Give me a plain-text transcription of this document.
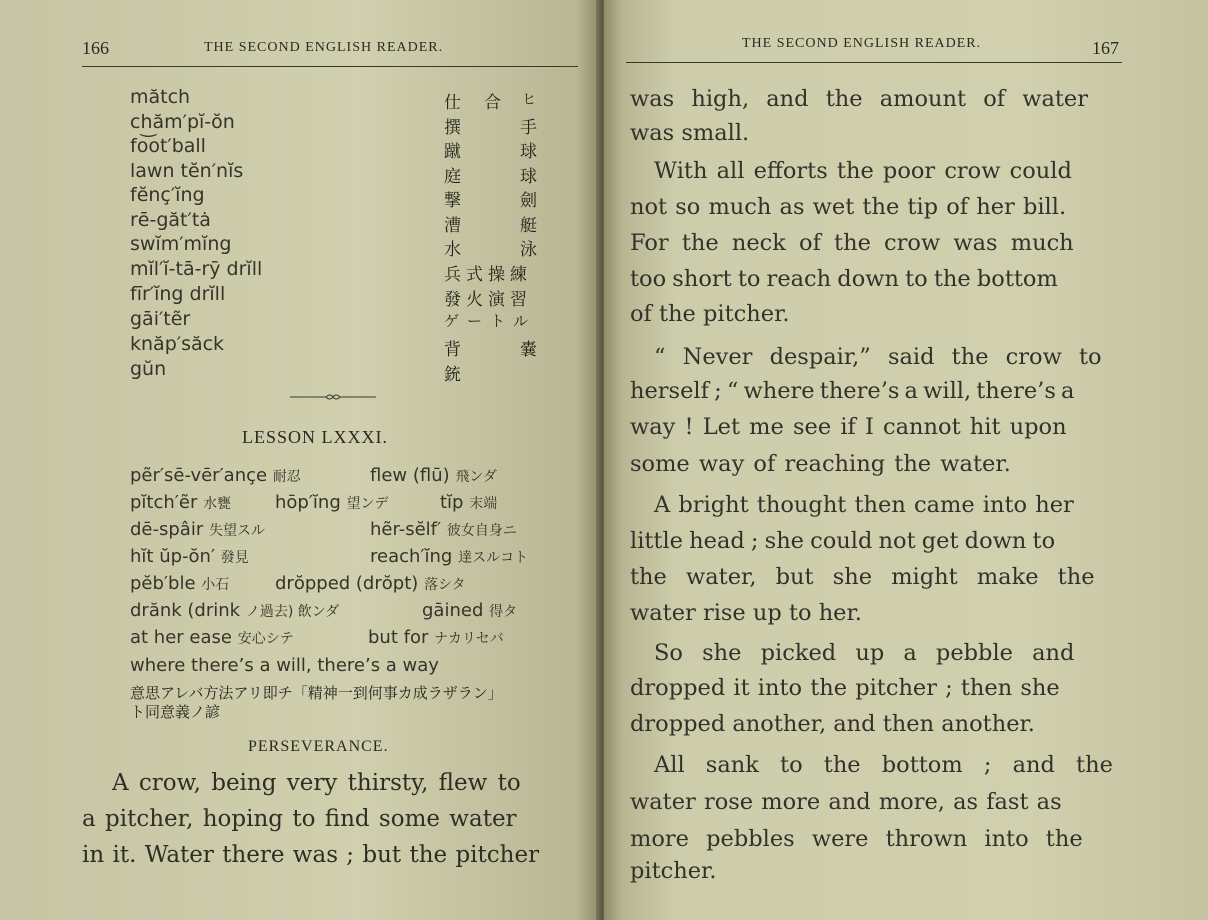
166	THE SECOND ENGLISH READER.
mătch	仕 合 ヒ
chăm′pĭ-ŏn	撰	手
fo͝ot′ball	蹴	球
lawn tĕn′nĭs	庭	球
fĕnç′ĭng	撃	劍
rē-găt′tȧ	漕	艇
swĭm′mĭng	水	泳
mĭl′ĭ-tā-rȳ drĭll	兵式操練
fīr′ĭng drĭll	發火演習
gāi′tẽr	ゲートル
knăp′săck	背	嚢
gŭn	銃
LESSON LXXXI.
pẽr′sē-vēr′ançe 耐忍	flew (flū) 飛ンダ
pĭtch′ẽr 水甕 hōp′ĭng 望ンデ	tĭp 末端
dē-spâir 失望スル	hẽr-sĕlf′ 彼女自身ニ
hĭt ŭp-ŏn′ 發見	reach′ĭng 達スルコト
pĕb′ble 小石	drŏpped (drŏpt) 落シタ
drănk (drink ノ過去) 飲ンダ	gāined 得タ
at her ease 安心シテ	but for ナカリセバ
where there’s a will, there’s a way
意思アレバ方法アリ即チ「精神一到何事カ成ラザラン」
ト同意義ノ諺
PERSEVERANCE.
A crow, being very thirsty, flew to
a pitcher, hoping to find some water
in it. Water there was ; but the pitcher
THE SECOND ENGLISH READER.	167
was high, and the amount of water
was small.
With all efforts the poor crow could
not so much as wet the tip of her bill.
For the neck of the crow was much
too short to reach down to the bottom
of the pitcher.
“ Never despair,” said the crow to
herself ; “ where there’s a will, there’s a
way ! Let me see if I cannot hit upon
some way of reaching the water.
A bright thought then came into her
little head ; she could not get down to
the water, but she might make the
water rise up to her.
So she picked up a pebble and
dropped it into the pitcher ; then she
dropped another, and then another.
All sank to the bottom ; and the
water rose more and more, as fast as
more pebbles were thrown into the
pitcher.
